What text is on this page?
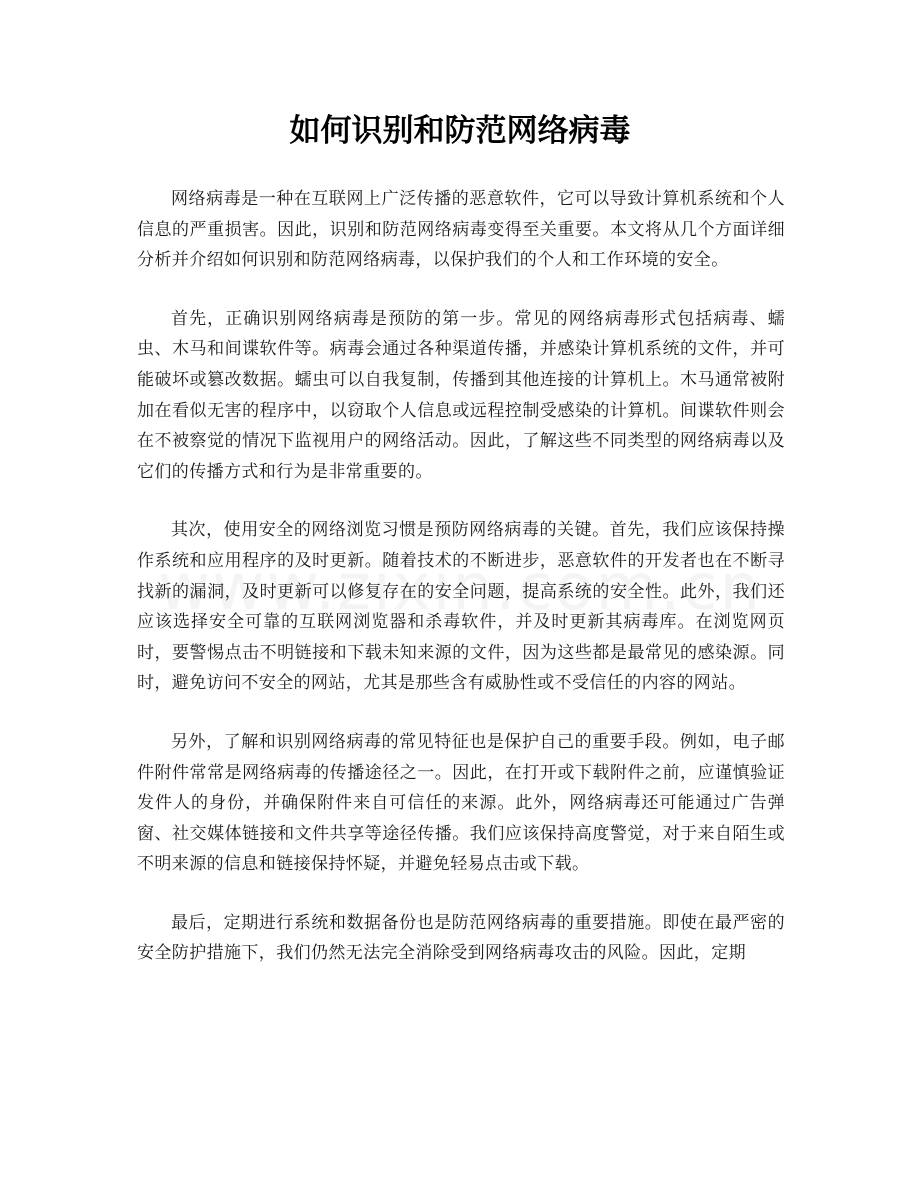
如何识别和防范网络病毒

网络病毒是一种在互联网上广泛传播的恶意软件，它可以导致计算机系统和个人信息的严重损害。因此，识别和防范网络病毒变得至关重要。本文将从几个方面详细分析并介绍如何识别和防范网络病毒，以保护我们的个人和工作环境的安全。

首先，正确识别网络病毒是预防的第一步。常见的网络病毒形式包括病毒、蠕虫、木马和间谍软件等。病毒会通过各种渠道传播，并感染计算机系统的文件，并可能破坏或篡改数据。蠕虫可以自我复制，传播到其他连接的计算机上。木马通常被附加在看似无害的程序中，以窃取个人信息或远程控制受感染的计算机。间谍软件则会在不被察觉的情况下监视用户的网络活动。因此，了解这些不同类型的网络病毒以及它们的传播方式和行为是非常重要的。

其次，使用安全的网络浏览习惯是预防网络病毒的关键。首先，我们应该保持操作系统和应用程序的及时更新。随着技术的不断进步，恶意软件的开发者也在不断寻找新的漏洞，及时更新可以修复存在的安全问题，提高系统的安全性。此外，我们还应该选择安全可靠的互联网浏览器和杀毒软件，并及时更新其病毒库。在浏览网页时，要警惕点击不明链接和下载未知来源的文件，因为这些都是最常见的感染源。同时，避免访问不安全的网站，尤其是那些含有威胁性或不受信任的内容的网站。

另外，了解和识别网络病毒的常见特征也是保护自己的重要手段。例如，电子邮件附件常常是网络病毒的传播途径之一。因此，在打开或下载附件之前，应谨慎验证发件人的身份，并确保附件来自可信任的来源。此外，网络病毒还可能通过广告弹窗、社交媒体链接和文件共享等途径传播。我们应该保持高度警觉，对于来自陌生或不明来源的信息和链接保持怀疑，并避免轻易点击或下载。

最后，定期进行系统和数据备份也是防范网络病毒的重要措施。即使在最严密的安全防护措施下，我们仍然无法完全消除受到网络病毒攻击的风险。因此，定期
